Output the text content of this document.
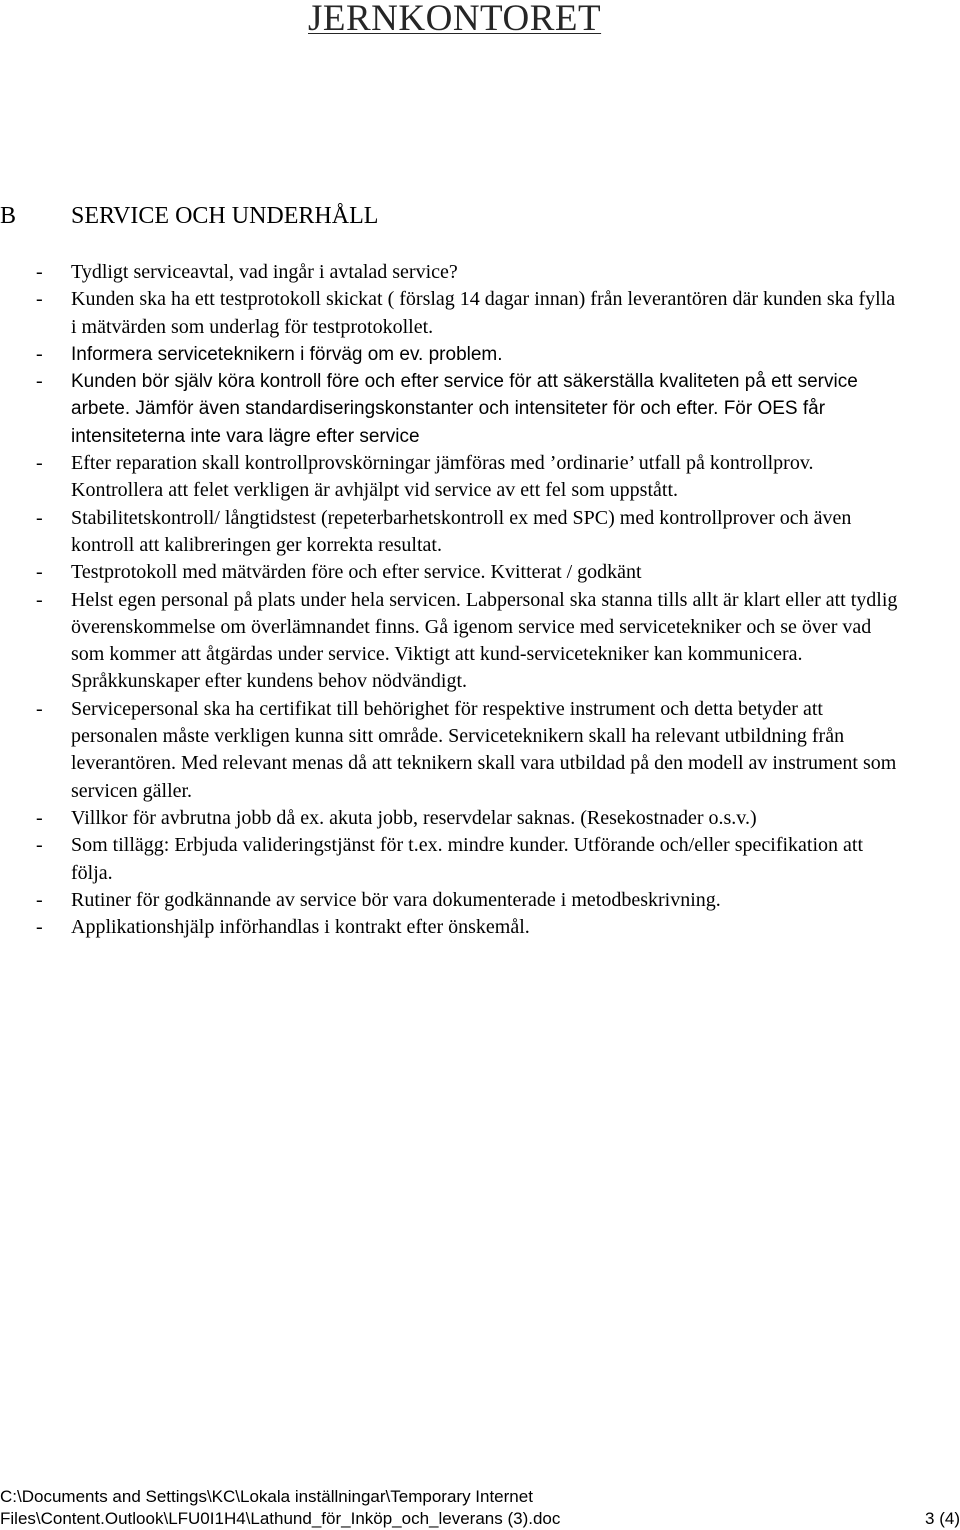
JERNKONTORET
B SERVICE OCH UNDERHÅLL
- Tydligt serviceavtal, vad ingår i avtalad service?
- Kunden ska ha ett testprotokoll skickat ( förslag 14 dagar innan) från leverantören där kunden ska fylla i mätvärden som underlag för testprotokollet.
- Informera serviceteknikern i förväg om ev. problem.
- Kunden bör själv köra kontroll före och efter service för att säkerställa kvaliteten på ett service arbete. Jämför även standardiseringskonstanter och intensiteter för och efter. För OES får intensiteterna inte vara lägre efter service
- Efter reparation skall kontrollprovskörningar jämföras med ’ordinarie’ utfall på kontrollprov. Kontrollera att felet verkligen är avhjälpt vid service av ett fel som uppstått.
- Stabilitetskontroll/ långtidstest (repeterbarhetskontroll ex med SPC) med kontrollprover och även kontroll att kalibreringen ger korrekta resultat.
- Testprotokoll med mätvärden före och efter service. Kvitterat / godkänt
- Helst egen personal på plats under hela servicen. Labpersonal ska stanna tills allt är klart eller att tydlig överenskommelse om överlämnandet finns. Gå igenom service med servicetekniker och se över vad som kommer att åtgärdas under service. Viktigt att kund-servicetekniker kan kommunicera. Språkkunskaper efter kundens behov nödvändigt.
- Servicepersonal ska ha certifikat till behörighet för respektive instrument och detta betyder att personalen måste verkligen kunna sitt område. Serviceteknikern skall ha relevant utbildning från leverantören. Med relevant menas då att teknikern skall vara utbildad på den modell av instrument som servicen gäller.
- Villkor för avbrutna jobb då ex. akuta jobb, reservdelar saknas. (Resekostnader o.s.v.)
- Som tillägg: Erbjuda valideringstjänst för t.ex. mindre kunder. Utförande och/eller specifikation att följa.
- Rutiner för godkännande av service bör vara dokumenterade i metodbeskrivning.
- Applikationshjälp införhandlas i kontrakt efter önskemål.
C:\Documents and Settings\KC\Lokala inställningar\Temporary Internet
Files\Content.Outlook\LFU0I1H4\Lathund_för_Inköp_och_leverans (3).doc	3 (4)
